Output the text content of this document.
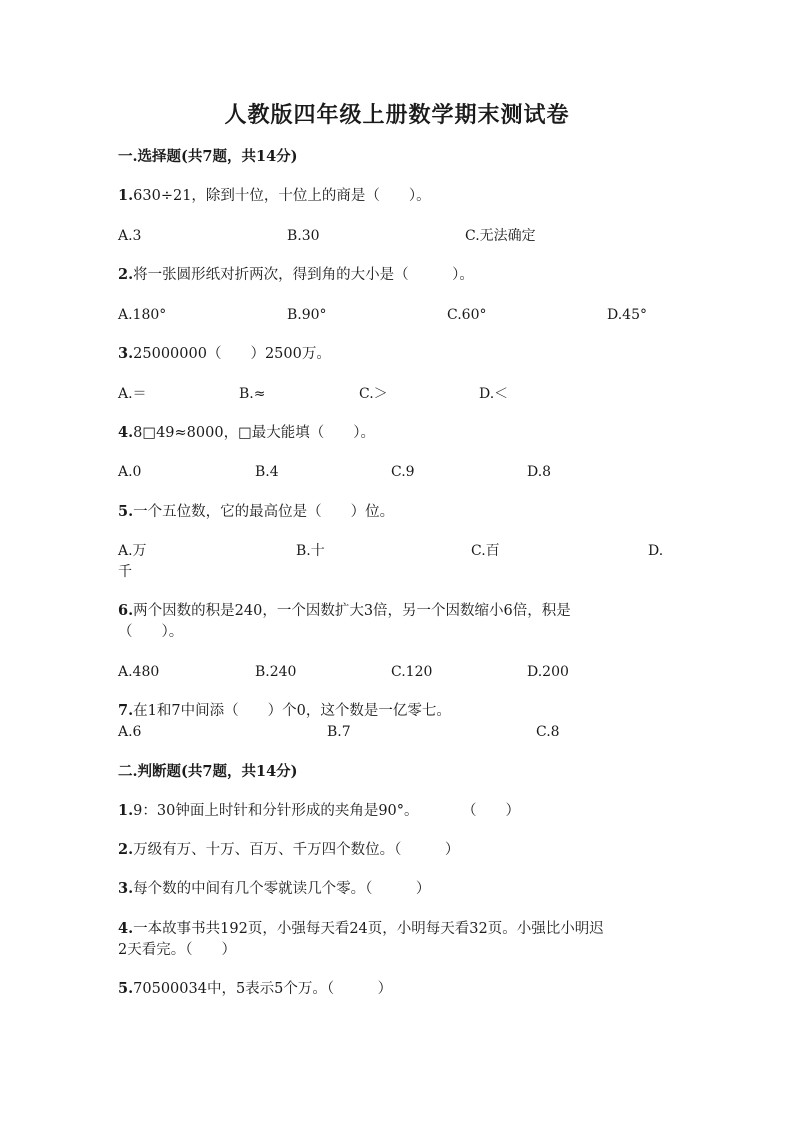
人教版四年级上册数学期末测试卷
一.选择题(共7题，共14分)
1.630÷21，除到十位，十位上的商是（　　）。
A.3	B.30	C.无法确定
2.将一张圆形纸对折两次，得到角的大小是（　　　）。
A.180°	B.90°	C.60°	D.45°
3.25000000（　　）2500万。
A.＝	B.≈	C.＞	D.＜
4.8□49≈8000，□最大能填（　　）。
A.0	B.4	C.9	D.8
5.一个五位数，它的最高位是（　　）位。
A.万	B.十	C.百	D.
千
6.两个因数的积是240，一个因数扩大3倍，另一个因数缩小6倍，积是
（　　）。
A.480	B.240	C.120	D.200
7.在1和7中间添（　　）个0，这个数是一亿零七。
A.6	B.7	C.8
二.判断题(共7题，共14分)
1.9：30钟面上时针和分针形成的夹角是90°。　　　　（　　）
2.万级有万、十万、百万、千万四个数位。（　　　）
3.每个数的中间有几个零就读几个零。（　　　）
4.一本故事书共192页，小强每天看24页，小明每天看32页。小强比小明迟
2天看完。（　　）
5.70500034中，5表示5个万。（　　　）
